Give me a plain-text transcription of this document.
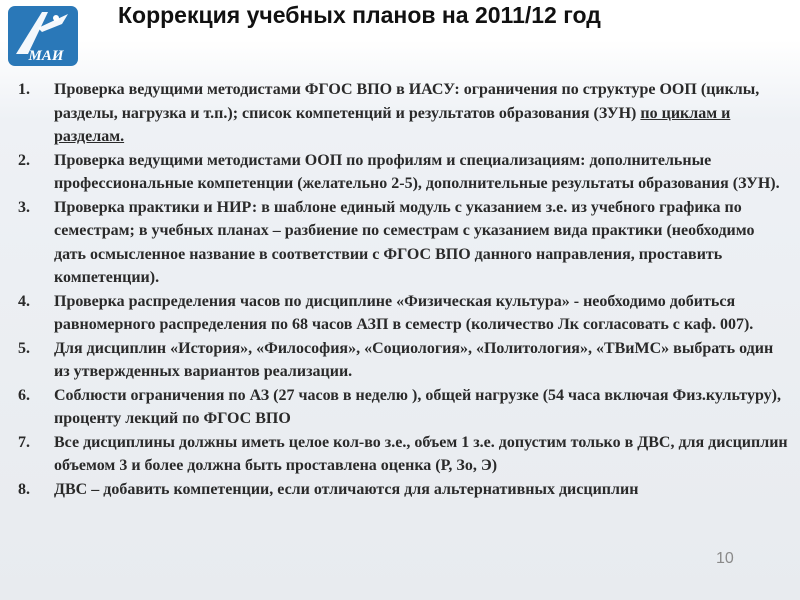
МАИ
Коррекция учебных планов на 2011/12 год
1. Проверка ведущими методистами ФГОС ВПО в ИАСУ: ограничения по структуре ООП (циклы, разделы, нагрузка и т.п.); список компетенций и результатов образования (ЗУН) по циклам и разделам.
2. Проверка ведущими методистами ООП по профилям и специализациям: дополнительные профессиональные компетенции (желательно 2-5), дополнительные результаты образования (ЗУН).
3. Проверка практики и НИР: в шаблоне единый модуль с указанием з.е. из учебного графика по семестрам; в учебных планах – разбиение по семестрам с указанием вида практики (необходимо дать осмысленное название в соответствии с ФГОС ВПО данного направления, проставить компетенции).
4. Проверка распределения часов по дисциплине «Физическая культура» - необходимо добиться равномерного распределения по 68 часов АЗП в семестр (количество Лк согласовать с каф. 007).
5. Для дисциплин «История», «Философия», «Социология», «Политология», «ТВиМС» выбрать один из утвержденных вариантов реализации.
6. Соблюсти ограничения по АЗ (27 часов в неделю ), общей нагрузке (54 часа включая Физ.культуру), проценту лекций по ФГОС ВПО
7. Все дисциплины должны иметь целое кол-во з.е., объем 1 з.е. допустим только в ДВС, для дисциплин объемом 3 и более должна быть проставлена оценка (Р, Зо, Э)
8. ДВС – добавить компетенции, если отличаются для альтернативных дисциплин
10
